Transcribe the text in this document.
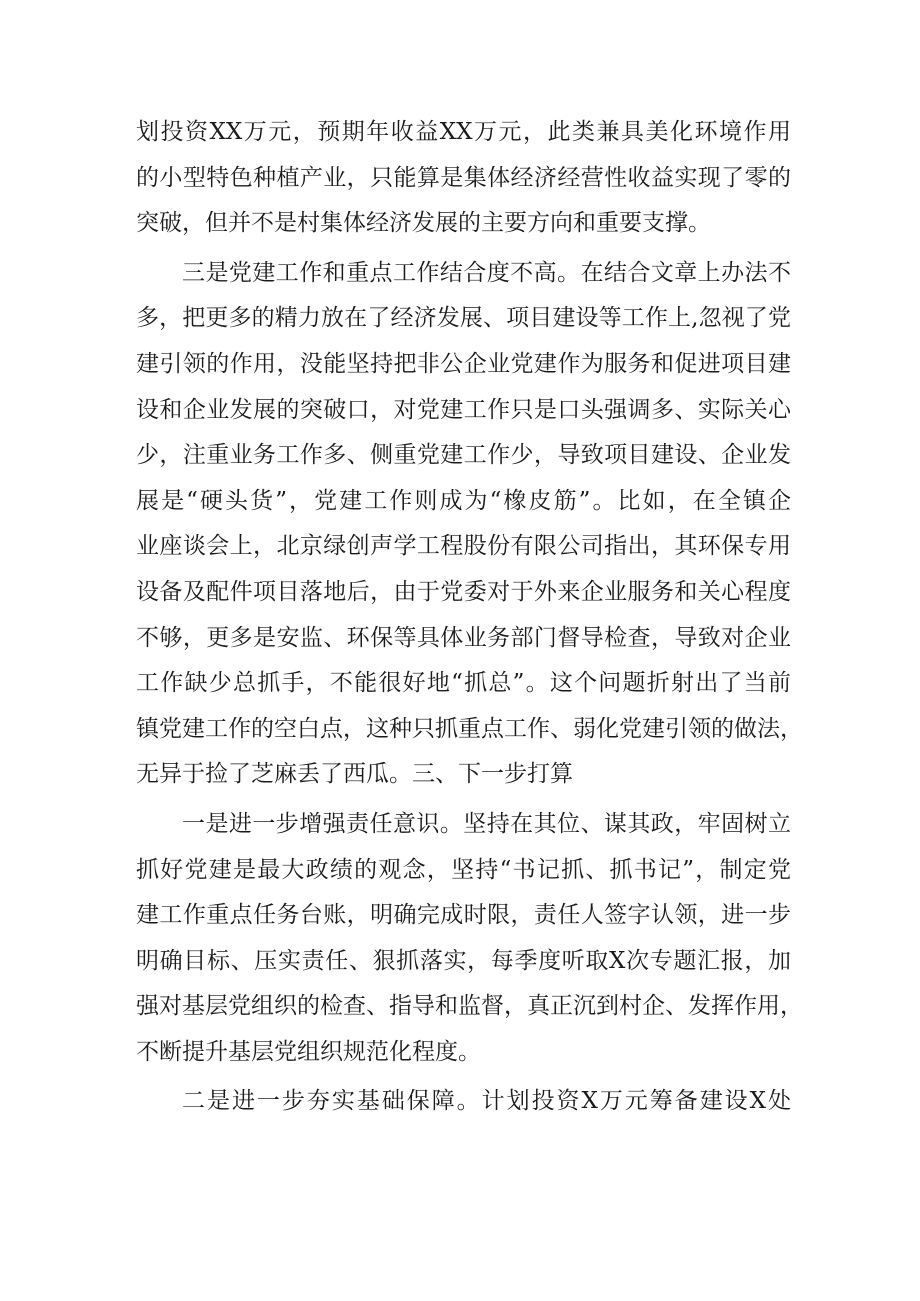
划投资XX万元，预期年收益XX万元，此类兼具美化环境作用
的小型特色种植产业，只能算是集体经济经营性收益实现了零的
突破，但并不是村集体经济发展的主要方向和重要支撑。
三是党建工作和重点工作结合度不高。在结合文章上办法不
多，把更多的精力放在了经济发展、项目建设等工作上,忽视了党
建引领的作用，没能坚持把非公企业党建作为服务和促进项目建
设和企业发展的突破口，对党建工作只是口头强调多、实际关心
少，注重业务工作多、侧重党建工作少，导致项目建设、企业发
展是“硬头货”，党建工作则成为“橡皮筋”。比如，在全镇企
业座谈会上，北京绿创声学工程股份有限公司指出，其环保专用
设备及配件项目落地后，由于党委对于外来企业服务和关心程度
不够，更多是安监、环保等具体业务部门督导检查，导致对企业
工作缺少总抓手，不能很好地“抓总”。这个问题折射出了当前
镇党建工作的空白点，这种只抓重点工作、弱化党建引领的做法，
无异于捡了芝麻丢了西瓜。三、下一步打算
一是进一步增强责任意识。坚持在其位、谋其政，牢固树立
抓好党建是最大政绩的观念，坚持“书记抓、抓书记”，制定党
建工作重点任务台账，明确完成时限，责任人签字认领，进一步
明确目标、压实责任、狠抓落实，每季度听取X次专题汇报，加
强对基层党组织的检查、指导和监督，真正沉到村企、发挥作用，
不断提升基层党组织规范化程度。
二是进一步夯实基础保障。计划投资X万元筹备建设X处
